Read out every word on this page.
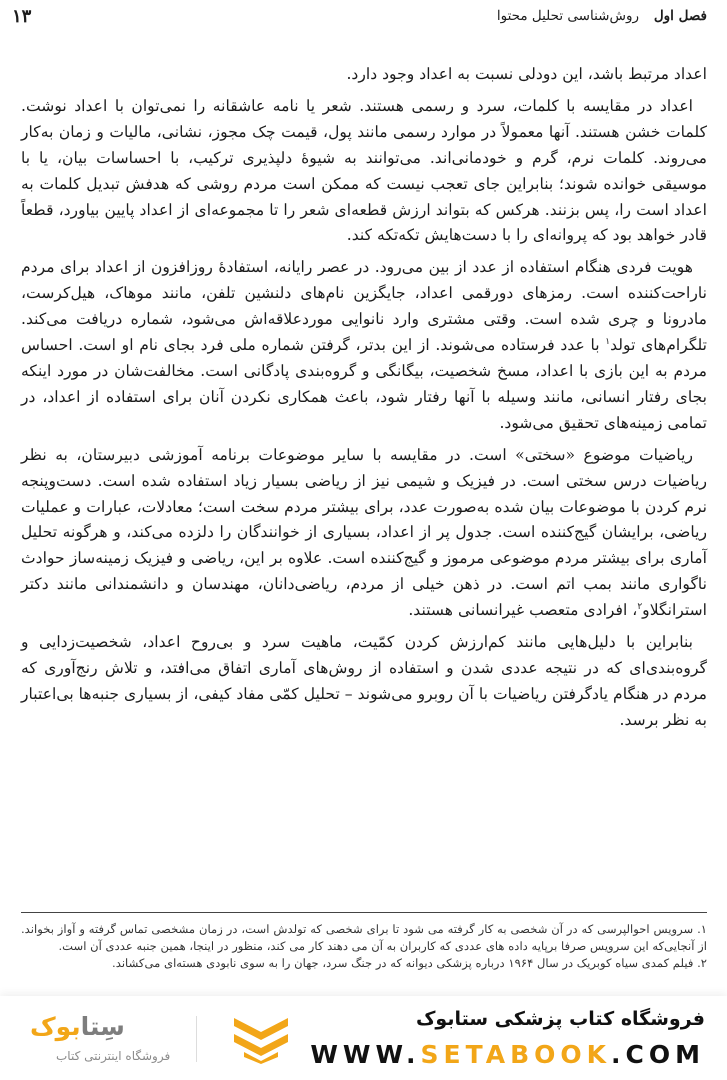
فصل اول
روش‌شناسی تحلیل محتوا
۱۳

اعداد مرتبط باشد، این دودلی نسبت به اعداد وجود دارد.

اعداد در مقایسه با کلمات، سرد و رسمی هستند. شعر یا نامه عاشقانه را نمی‌توان با اعداد نوشت. کلمات خشن هستند. آنها معمولاً در موارد رسمی مانند پول، قیمت چک مجوز، نشانی، مالیات و زمان به‌کار می‌روند. کلمات نرم، گرم و خودمانی‌اند. می‌توانند به شیوهٔ دلپذیری ترکیب، با احساسات بیان، یا با موسیقی خوانده شوند؛ بنابراین جای تعجب نیست که ممکن است مردم روشی که هدفش تبدیل کلمات به اعداد است را، پس بزنند. هرکس که بتواند ارزش قطعه‌ای شعر را تا مجموعه‌ای از اعداد پایین بیاورد، قطعاً قادر خواهد بود که پروانه‌ای را با دست‌هایش تکه‌تکه کند.

هویت فردی هنگام استفاده از عدد از بین می‌رود. در عصر رایانه، استفادهٔ روزافزون از اعداد برای مردم ناراحت‌کننده است. رمزهای دورقمی اعداد، جایگزین نام‌های دلنشین تلفن، مانند موهاک، هیل‌کرست، مادرونا و چری شده است. وقتی مشتری وارد نانوایی موردعلاقه‌اش می‌شود، شماره دریافت می‌کند. تلگرام‌های تولد$^۱$ با عدد فرستاده می‌شوند. از این بدتر، گرفتن شماره ملی فرد بجای نام او است. احساس مردم به این بازی با اعداد، مسخ شخصیت، بیگانگی و گروه‌بندی پادگانی است. مخالفت‌شان در مورد اینکه بجای رفتار انسانی، مانند وسیله با آنها رفتار شود، باعث همکاری نکردن آنان برای استفاده از اعداد، در تمامی زمینه‌های تحقیق می‌شود.

ریاضیات موضوع «سختی» است. در مقایسه با سایر موضوعات برنامه آموزشی دبیرستان، به نظر ریاضیات درس سختی است. در فیزیک و شیمی نیز از ریاضی بسیار زیاد استفاده شده است. دست‌وپنجه نرم کردن با موضوعات بیان شده به‌صورت عدد، برای بیشتر مردم سخت است؛ معادلات، عبارات و عملیات ریاضی، برایشان گیج‌کننده است. جدول پر از اعداد، بسیاری از خوانندگان را دلزده می‌کند، و هرگونه تحلیل آماری برای بیشتر مردم موضوعی مرموز و گیج‌کننده است. علاوه بر این، ریاضی و فیزیک زمینه‌ساز حوادث ناگواری مانند بمب اتم است. در ذهن خیلی از مردم، ریاضی‌دانان، مهندسان و دانشمندانی مانند دکتر استرانگلاو$^۲$، افرادی متعصب غیرانسانی هستند.

بنابراین با دلیل‌هایی مانند کم‌ارزش کردن کمّیت، ماهیت سرد و بی‌روح اعداد، شخصیت‌زدایی و گروه‌بندی‌ای که در نتیجه عددی شدن و استفاده از روش‌های آماری اتفاق می‌افتد، و تلاش رنج‌آوری که مردم در هنگام یادگرفتن ریاضیات با آن روبرو می‌شوند – تحلیل کمّی مفاد کیفی، از بسیاری جنبه‌ها بی‌اعتبار به نظر برسد.

۱. سرویس احوالپرسی که در آن شخصی به کار گرفته می شود تا برای شخصی که تولدش است، در زمان مشخصی تماس گرفته و آواز بخواند. از آنجایی‌که این سرویس صرفا برپایه داده های عددی که کاربران به آن می دهند کار می کند، منظور در اینجا، همین جنبه عددی آن است.

۲. فیلم کمدی سیاه کوبریک در سال ۱۹۶۴ درباره پزشکی دیوانه که در جنگ سرد، جهان را به سوی نابودی هسته‌ای می‌کشاند.

فروشگاه کتاب پزشکی ستابوک
WWW.SETABOOK.COM
سِتابوک
فروشگاه اینترنتی کتاب
